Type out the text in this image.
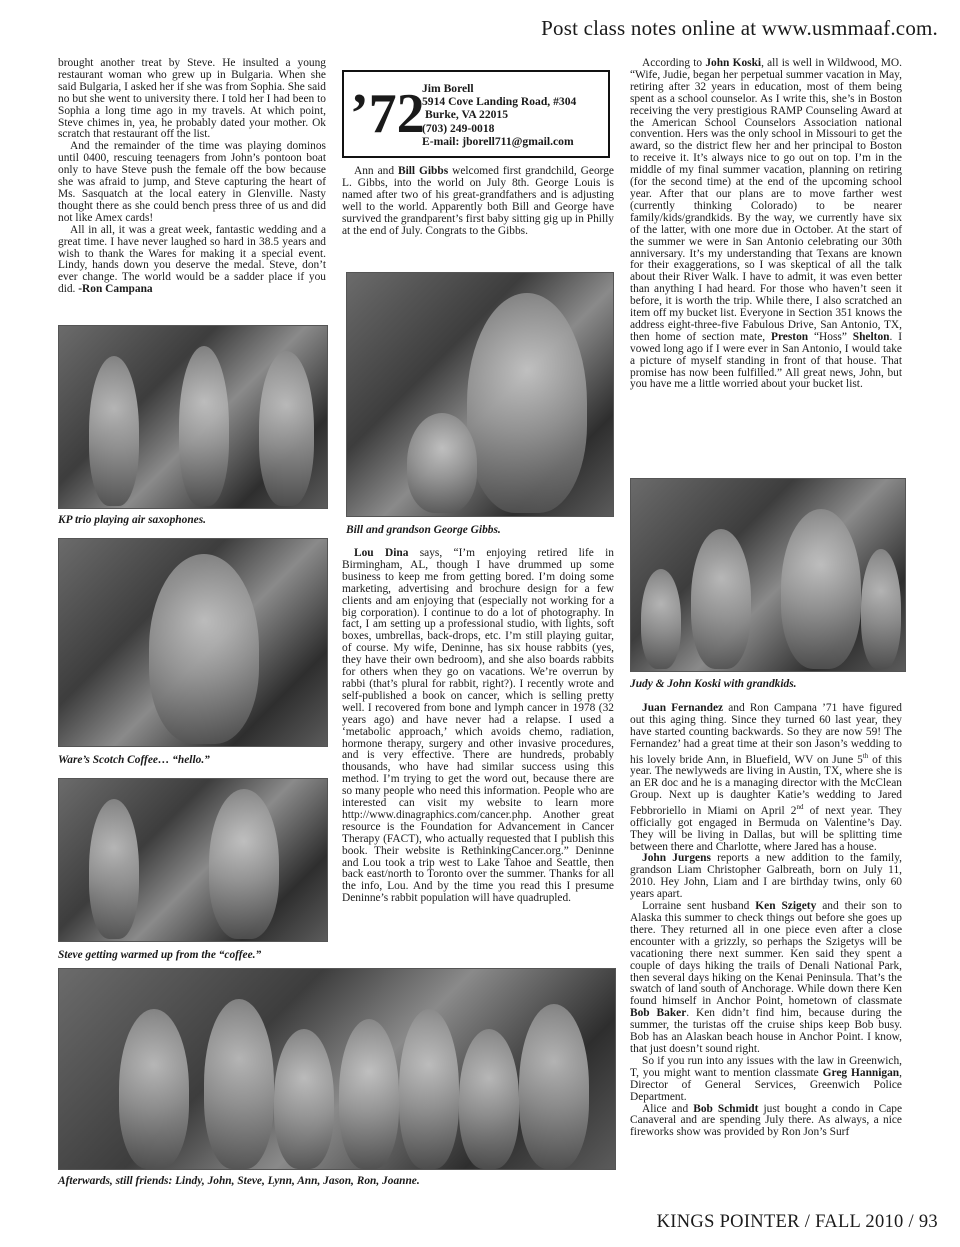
Post class notes online at www.usmmaaf.com.

brought another treat by Steve. He insulted a young restaurant woman who grew up in Bulgaria. When she said Bulgaria, I asked her if she was from Sophia. She said no but she went to university there. I told her I had been to Sophia a long time ago in my travels. At which point, Steve chimes in, yea, he probably dated your mother. Ok scratch that restaurant off the list.

And the remainder of the time was playing dominos until 0400, rescuing teenagers from John’s pontoon boat only to have Steve push the female off the bow because she was afraid to jump, and Steve capturing the heart of Ms. Sasquatch at the local eatery in Glenville. Nasty thought there as she could bench press three of us and did not like Amex cards!

All in all, it was a great week, fantastic wedding and a great time. I have never laughed so hard in 38.5 years and wish to thank the Wares for making it a special event. Lindy, hands down you deserve the medal. Steve, don’t ever change. The world would be a sadder place if you did. -Ron Campana

KP trio playing air saxophones.
Ware’s Scotch Coffee… “hello.”
Steve getting warmed up from the “coffee.”
’72
Jim Borell
5914 Cove Landing Road, #304
Burke, VA 22015
(703) 249-0018
E-mail: jborell711@gmail.com

Ann and Bill Gibbs welcomed first grandchild, George L. Gibbs, into the world on July 8th. George Louis is named after two of his great-grandfathers and is adjusting well to the world. Apparently both Bill and George have survived the grandparent’s first baby sitting gig up in Philly at the end of July. Congrats to the Gibbs.

Bill and grandson George Gibbs.

Lou Dina says, “I’m enjoying retired life in Birmingham, AL, though I have drummed up some business to keep me from getting bored. I’m doing some marketing, advertising and brochure design for a few clients and am enjoying that (especially not working for a big corporation). I continue to do a lot of photography. In fact, I am setting up a professional studio, with lights, soft boxes, umbrellas, back-drops, etc. I’m still playing guitar, of course. My wife, Deninne, has six house rabbits (yes, they have their own bedroom), and she also boards rabbits for others when they go on vacations. We’re overrun by rabbi (that’s plural for rabbit, right?). I recently wrote and self-published a book on cancer, which is selling pretty well. I recovered from bone and lymph cancer in 1978 (32 years ago) and have never had a relapse. I used a ‘metabolic approach,’ which avoids chemo, radiation, hormone therapy, surgery and other invasive procedures, and is very effective. There are hundreds, probably thousands, who have had similar success using this method. I’m trying to get the word out, because there are so many people who need this information. People who are interested can visit my website to learn more http://www.dinagraphics.com/cancer.php. Another great resource is the Foundation for Advancement in Cancer Therapy (FACT), who actually requested that I publish this book. Their website is RethinkingCancer.org.” Deninne and Lou took a trip west to Lake Tahoe and Seattle, then back east/north to Toronto over the summer. Thanks for all the info, Lou. And by the time you read this I presume Deninne’s rabbit population will have quadrupled.

According to John Koski, all is well in Wildwood, MO. “Wife, Judie, began her perpetual summer vacation in May, retiring after 32 years in education, most of them being spent as a school counselor. As I write this, she’s in Boston receiving the very prestigious RAMP Counseling Award at the American School Counselors Association national convention. Hers was the only school in Missouri to get the award, so the district flew her and her principal to Boston to receive it. It’s always nice to go out on top. I’m in the middle of my final summer vacation, planning on retiring (for the second time) at the end of the upcoming school year. After that our plans are to move farther west (currently thinking Colorado) to be nearer family/kids/grandkids. By the way, we currently have six of the latter, with one more due in October. At the start of the summer we were in San Antonio celebrating our 30th anniversary. It’s my understanding that Texans are known for their exaggerations, so I was skeptical of all the talk about their River Walk. I have to admit, it was even better than anything I had heard. For those who haven’t seen it before, it is worth the trip. While there, I also scratched an item off my bucket list. Everyone in Section 351 knows the address eight-three-five Fabulous Drive, San Antonio, TX, then home of section mate, Preston “Hoss” Shelton. I vowed long ago if I were ever in San Antonio, I would take a picture of myself standing in front of that house. That promise has now been fulfilled.” All great news, John, but you have me a little worried about your bucket list.

Judy & John Koski with grandkids.

Juan Fernandez and Ron Campana ’71 have figured out this aging thing. Since they turned 60 last year, they have started counting backwards. So they are now 59! The Fernandez’ had a great time at their son Jason’s wedding to his lovely bride Ann, in Bluefield, WV on June 5th of this year. The newlyweds are living in Austin, TX, where she is an ER doc and he is a managing director with the McClean Group. Next up is daughter Katie’s wedding to Jared Febbroriello in Miami on April 2nd of next year. They officially got engaged in Bermuda on Valentine’s Day. They will be living in Dallas, but will be splitting time between there and Charlotte, where Jared has a house.

John Jurgens reports a new addition to the family, grandson Liam Christopher Galbreath, born on July 11, 2010. Hey John, Liam and I are birthday twins, only 60 years apart.

Lorraine sent husband Ken Szigety and their son to Alaska this summer to check things out before she goes up there. They returned all in one piece even after a close encounter with a grizzly, so perhaps the Szigetys will be vacationing there next summer. Ken said they spent a couple of days hiking the trails of Denali National Park, then several days hiking on the Kenai Peninsula. That’s the swatch of land south of Anchorage. While down there Ken found himself in Anchor Point, hometown of classmate Bob Baker. Ken didn’t find him, because during the summer, the turistas off the cruise ships keep Bob busy. Bob has an Alaskan beach house in Anchor Point. I know, that just doesn’t sound right.

So if you run into any issues with the law in Greenwich, T, you might want to mention classmate Greg Hannigan, Director of General Services, Greenwich Police Department.

Alice and Bob Schmidt just bought a condo in Cape Canaveral and are spending July there. As always, a nice fireworks show was provided by Ron Jon’s Surf

Afterwards, still friends: Lindy, John, Steve, Lynn, Ann, Jason, Ron, Joanne.
KINGS POINTER / FALL 2010 / 93
